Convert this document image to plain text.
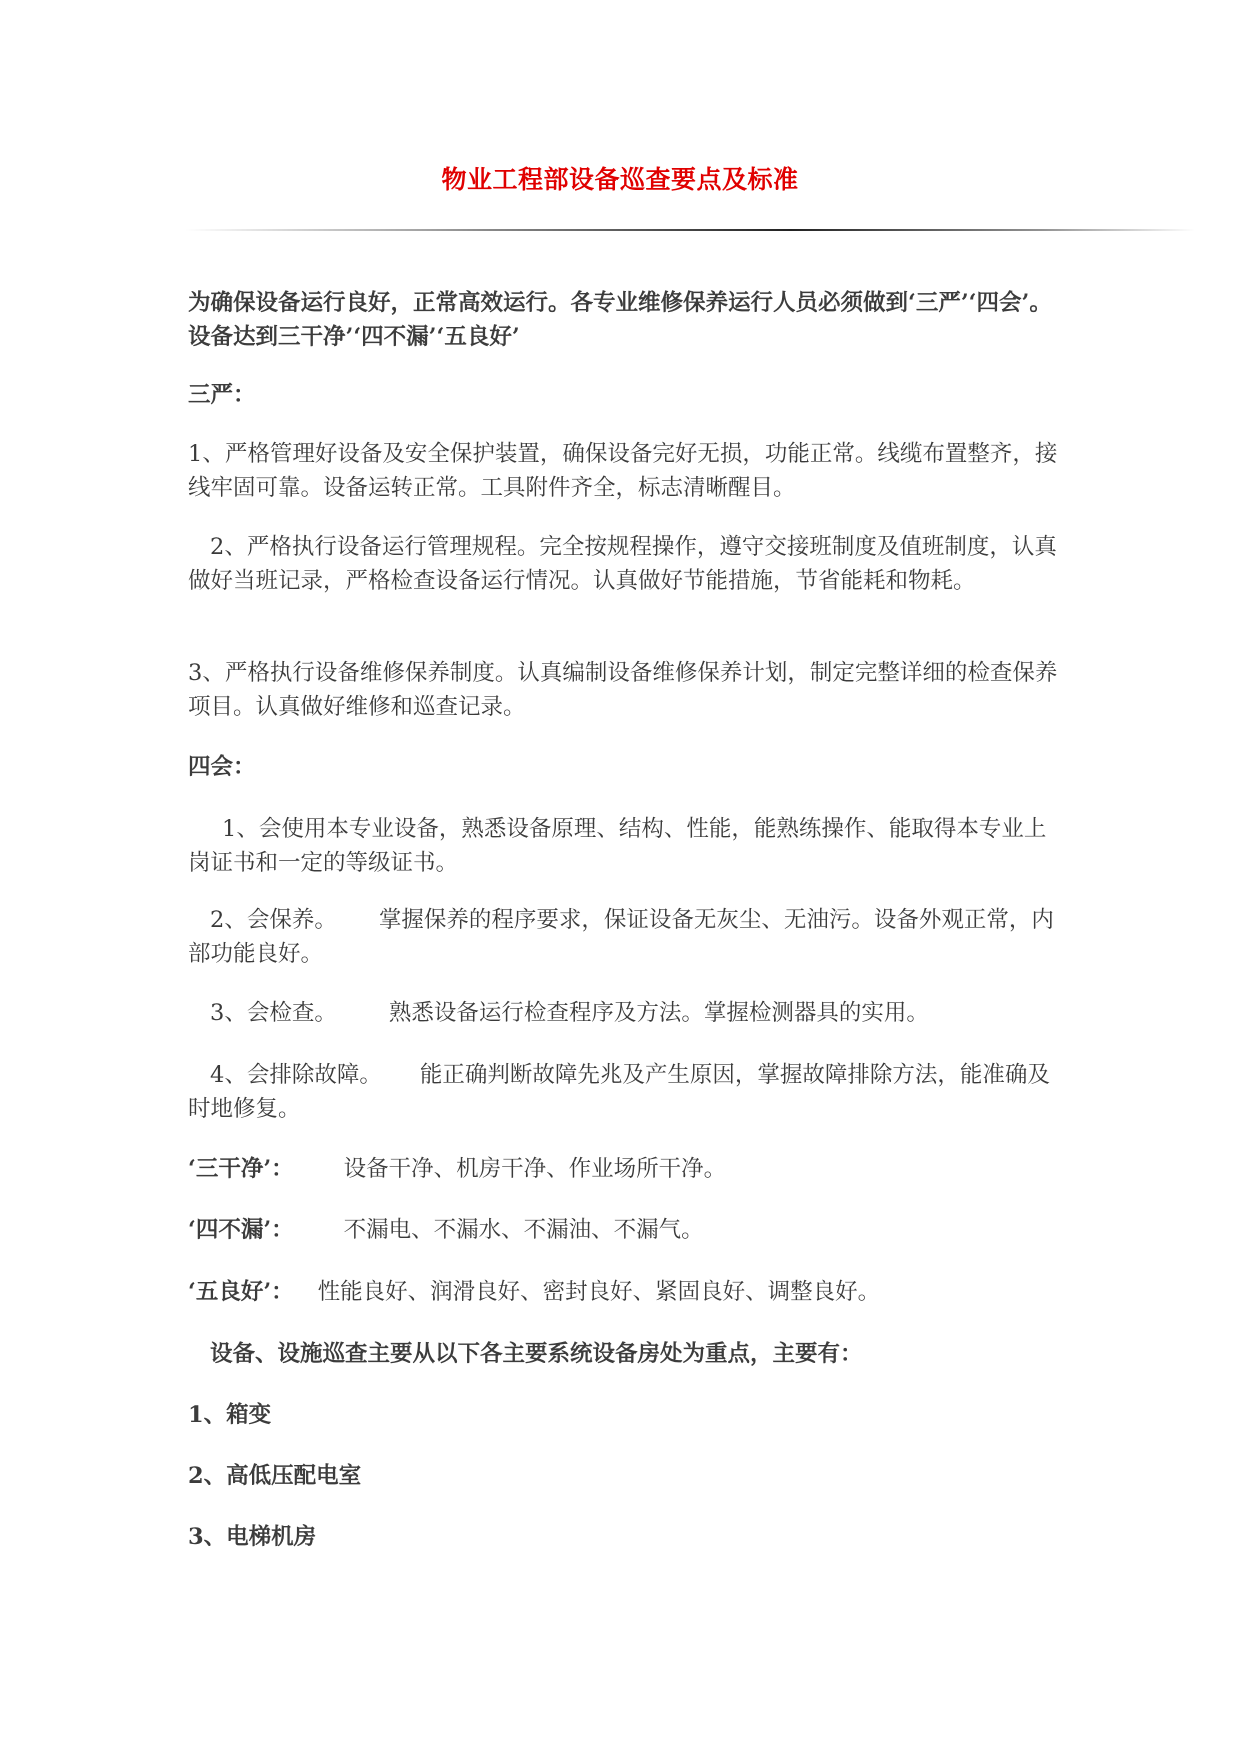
物业工程部设备巡查要点及标准

为确保设备运行良好，正常高效运行。各专业维修保养运行人员必须做到‘三严’‘四会’。设备达到三干净’‘四不漏’‘五良好’

三严：

1、严格管理好设备及安全保护装置，确保设备完好无损，功能正常。线缆布置整齐，接线牢固可靠。设备运转正常。工具附件齐全，标志清晰醒目。

2、严格执行设备运行管理规程。完全按规程操作，遵守交接班制度及值班制度，认真做好当班记录，严格检查设备运行情况。认真做好节能措施，节省能耗和物耗。

3、严格执行设备维修保养制度。认真编制设备维修保养计划，制定完整详细的检查保养项目。认真做好维修和巡查记录。

四会：

1、会使用本专业设备，熟悉设备原理、结构、性能，能熟练操作、能取得本专业上岗证书和一定的等级证书。

2、会保养。 掌握保养的程序要求，保证设备无灰尘、无油污。设备外观正常，内部功能良好。

3、会检查。 熟悉设备运行检查程序及方法。掌握检测器具的实用。

4、会排除故障。 能正确判断故障先兆及产生原因，掌握故障排除方法，能准确及时地修复。

‘三干净’： 设备干净、机房干净、作业场所干净。

‘四不漏’： 不漏电、不漏水、不漏油、不漏气。

‘五良好’： 性能良好、润滑良好、密封良好、紧固良好、调整良好。

设备、设施巡查主要从以下各主要系统设备房处为重点，主要有：

1、箱变

2、高低压配电室

3、电梯机房
